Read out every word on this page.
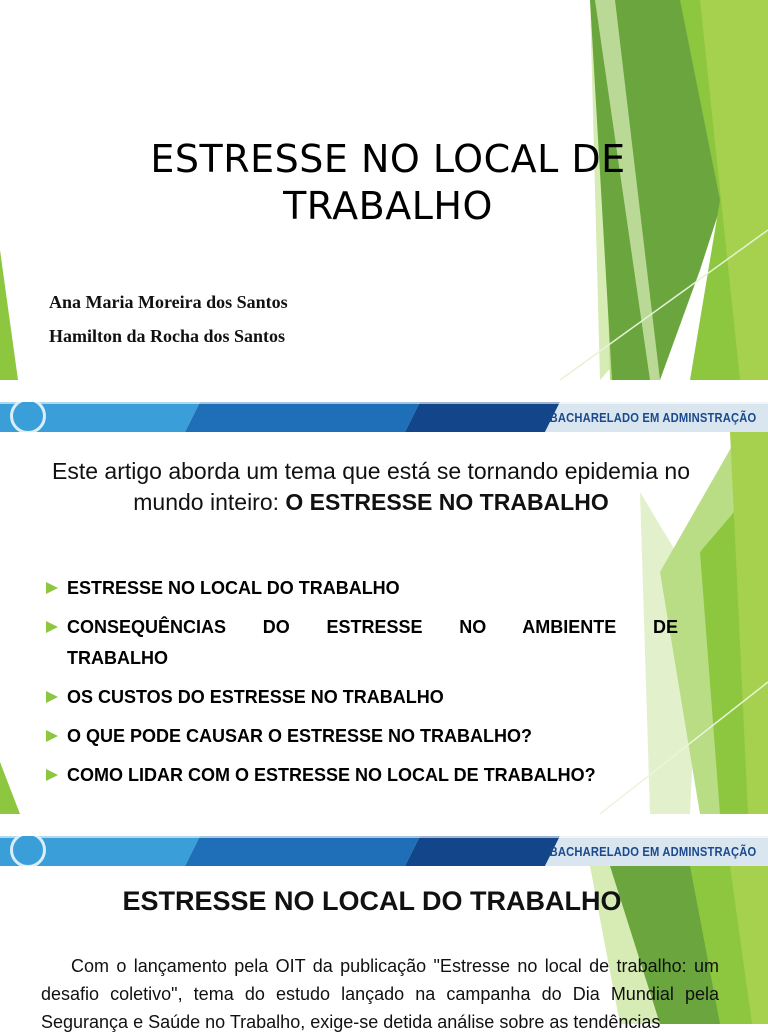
ESTRESSE NO LOCAL DE
TRABALHO
Ana Maria Moreira dos Santos
Hamilton da Rocha dos Santos
BACHARELADO EM ADMINSTRAÇÃO
Este artigo aborda um tema que está se tornando epidemia no mundo inteiro: O ESTRESSE NO TRABALHO
ESTRESSE NO LOCAL DO TRABALHO
CONSEQUÊNCIAS DO ESTRESSE NO AMBIENTE DE TRABALHO
OS CUSTOS DO ESTRESSE NO TRABALHO
O QUE PODE CAUSAR O ESTRESSE NO TRABALHO?
COMO LIDAR COM O ESTRESSE NO LOCAL DE TRABALHO?
BACHARELADO EM ADMINSTRAÇÃO
ESTRESSE NO LOCAL DO TRABALHO

Com o lançamento pela OIT da publicação "Estresse no local de trabalho: um desafio coletivo", tema do estudo lançado na campanha do Dia Mundial pela Segurança e Saúde no Trabalho, exige-se detida análise sobre as tendências
